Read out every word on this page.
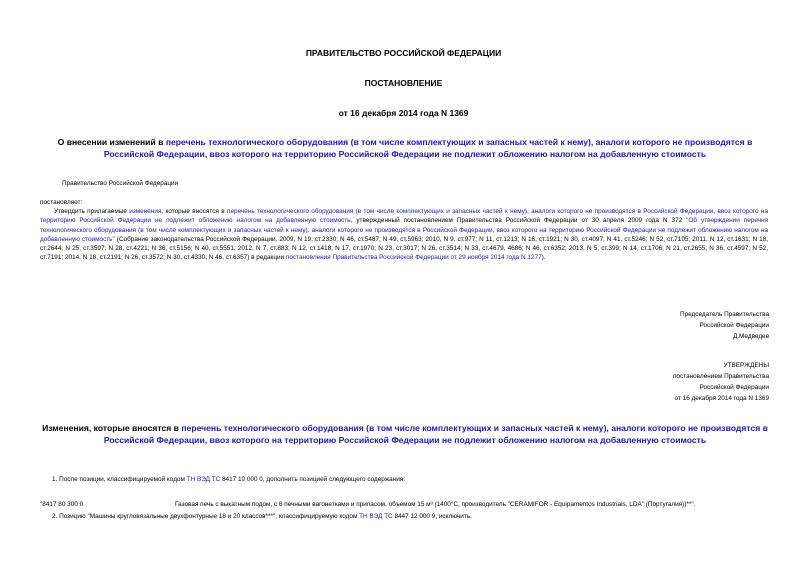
ПРАВИТЕЛЬСТВО РОССИЙСКОЙ ФЕДЕРАЦИИ
ПОСТАНОВЛЕНИЕ
от 16 декабря 2014 года N 1369
О внесении изменений в перечень технологического оборудования (в том числе комплектующих и запасных частей к нему), аналоги которого не производятся в Российской Федерации, ввоз которого на территорию Российской Федерации не подлежит обложению налогом на добавленную стоимость
Правительство Российской Федерации
постановляет:
Утвердить прилагаемые изменения, которые вносятся в перечень технологического оборудования (в том числе комплектующих и запасных частей к нему), аналоги которого не производятся в Российской Федерации, ввоз которого на территорию Российской Федерации не подлежит обложению налогом на добавленную стоимость, утвержденный постановлением Правительства Российской Федерации от 30 апреля 2009 года N 372 "Об утверждении перечня технологического оборудования (в том числе комплектующих и запасных частей к нему), аналоги которого не производятся в Российской Федерации, ввоз которого на территорию Российской Федерации не подлежит обложению налогом на добавленную стоимость" (Собрание законодательства Российской Федерации, 2009, N 19, ст.2330; N 46, ст.5487; N 49, ст.5963; 2010, N 9, ст.977; N 11, ст.1213; N 16, ст.1921; N 30, ст.4097; N 41, ст.5246; N 52, ст.7105; 2011, N 12, ст.1631; N 18, ст.2644; N 25, ст.3597; N 28, ст.4221; N 36, ст.5156; N 40, ст.5551; 2012, N 7, ст.883; N 12, ст.1418; N 17, ст.1970; N 23, ст.3017; N 26, ст.3514; N 33, ст.4679, 4686; N 46, ст.6352; 2013, N 5, ст.399; N 14, ст.1706; N 21, ст.2655; N 36, ст.4597; N 52, ст.7191; 2014, N 18, ст.2191; N 26, ст.3572; N 30, ст.4330; N 46, ст.6357) в редакции постановления Правительства Российской Федерации от 29 ноября 2014 года N 1277).
Председатель Правительства
Российской Федерации
Д.Медведев
УТВЕРЖДЕНЫ
постановлением Правительства
Российской Федерации
от 16 декабря 2014 года N 1369
Изменения, которые вносятся в перечень технологического оборудования (в том числе комплектующих и запасных частей к нему), аналоги которого не производятся в Российской Федерации, ввоз которого на территорию Российской Федерации не подлежит обложению налогом на добавленную стоимость
1. После позиции, классифицируемой кодом ТН ВЭД ТС 8417 10 000 0, дополнить позицией следующего содержания:
"8417 80 300 0	Газовая печь с выкатным подом, с 6 печными вагонетками и припасом, объемом 15 м³ (1400°С, производитель "CERAMIFOR - Equipamentos Industrials, LDA" (Португалия))**".
2. Позицию "Машины кругловязальные двухфонтурные 18 и 20 классов***", классифицируемую кодом ТН ВЭД ТС 8447 12 000 9, исключить.
